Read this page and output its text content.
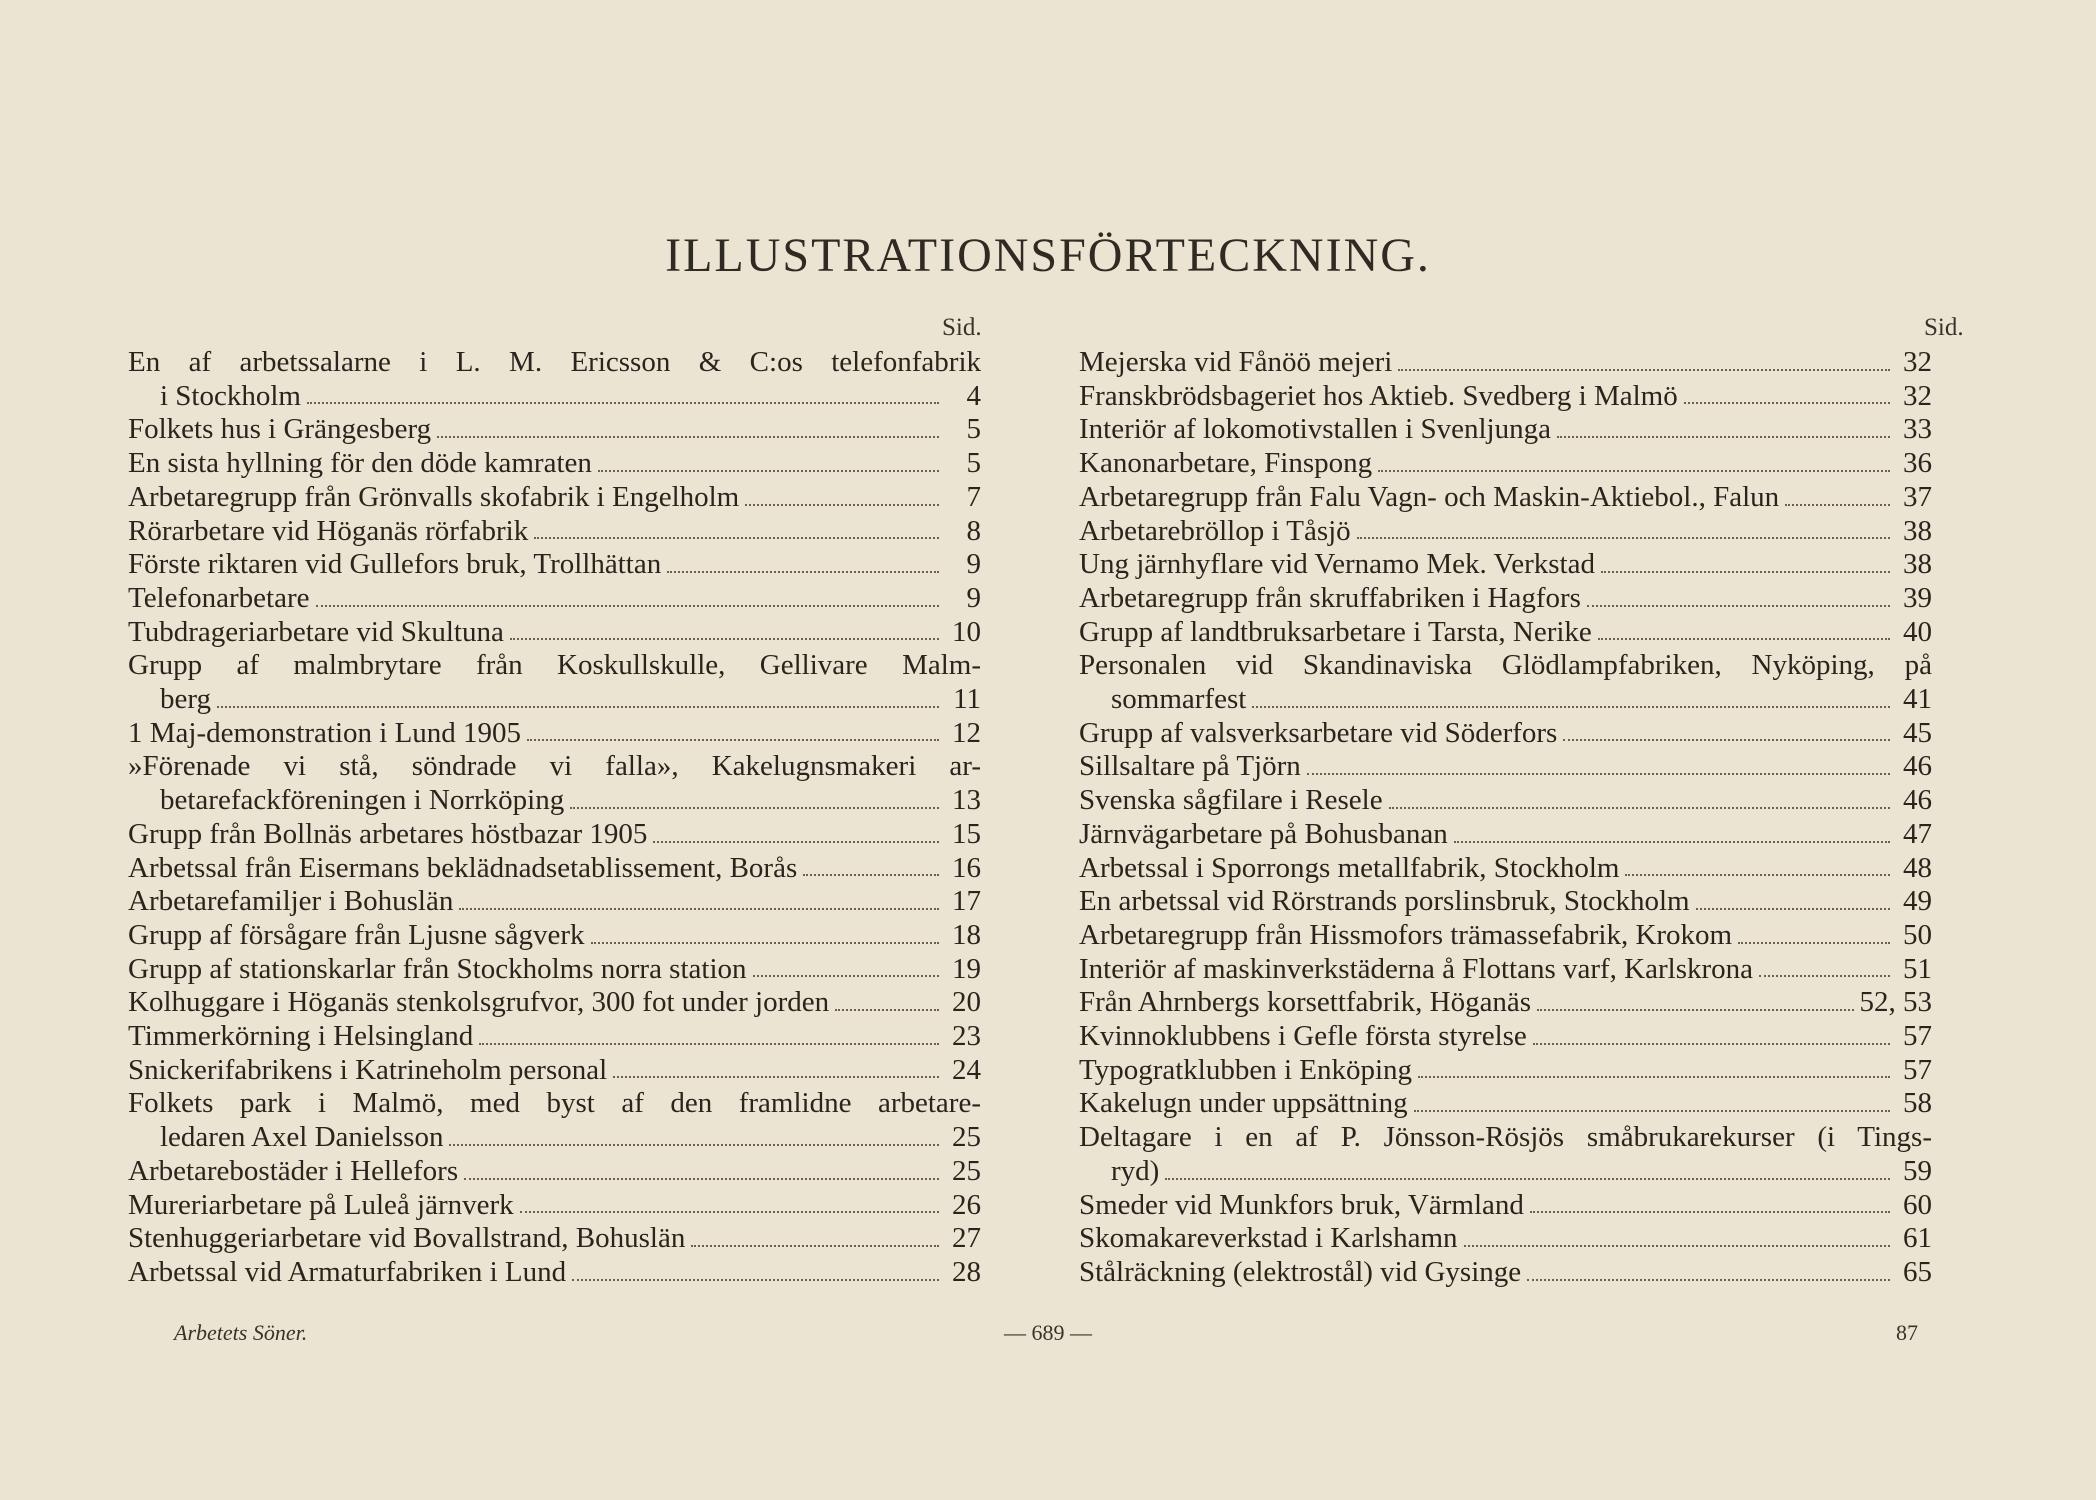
ILLUSTRATIONSFÖRTECKNING.
Sid.	Sid.
En af arbetssalarne i L. M. Ericsson & C:os telefonfabrik
i Stockholm	4
Folkets hus i Grängesberg	5
En sista hyllning för den döde kamraten	5
Arbetaregrupp från Grönvalls skofabrik i Engelholm	7
Rörarbetare vid Höganäs rörfabrik	8
Förste riktaren vid Gullefors bruk, Trollhättan	9
Telefonarbetare	9
Tubdrageriarbetare vid Skultuna	10
Grupp af malmbrytare från Koskullskulle, Gellivare Malm-
berg	11
1 Maj-demonstration i Lund 1905	12
»Förenade vi stå, söndrade vi falla», Kakelugnsmakeri ar-
betarefackföreningen i Norrköping	13
Grupp från Bollnäs arbetares höstbazar 1905	15
Arbetssal från Eisermans beklädnadsetablissement, Borås	16
Arbetarefamiljer i Bohuslän	17
Grupp af försågare från Ljusne sågverk	18
Grupp af stationskarlar från Stockholms norra station	19
Kolhuggare i Höganäs stenkolsgrufvor, 300 fot under jorden	20
Timmerkörning i Helsingland	23
Snickerifabrikens i Katrineholm personal	24
Folkets park i Malmö, med byst af den framlidne arbetare-
ledaren Axel Danielsson	25
Arbetarebostäder i Hellefors	25
Mureriarbetare på Luleå järnverk	26
Stenhuggeriarbetare vid Bovallstrand, Bohuslän	27
Arbetssal vid Armaturfabriken i Lund	28
Mejerska vid Fånöö mejeri	32
Franskbrödsbageriet hos Aktieb. Svedberg i Malmö	32
Interiör af lokomotivstallen i Svenljunga	33
Kanonarbetare, Finspong	36
Arbetaregrupp från Falu Vagn- och Maskin-Aktiebol., Falun	37
Arbetarebröllop i Tåsjö	38
Ung järnhyflare vid Vernamo Mek. Verkstad	38
Arbetaregrupp från skruffabriken i Hagfors	39
Grupp af landtbruksarbetare i Tarsta, Nerike	40
Personalen vid Skandinaviska Glödlampfabriken, Nyköping, på
sommarfest	41
Grupp af valsverksarbetare vid Söderfors	45
Sillsaltare på Tjörn	46
Svenska sågfilare i Resele	46
Järnvägarbetare på Bohusbanan	47
Arbetssal i Sporrongs metallfabrik, Stockholm	48
En arbetssal vid Rörstrands porslinsbruk, Stockholm	49
Arbetaregrupp från Hissmofors trämassefabrik, Krokom	50
Interiör af maskinverkstäderna å Flottans varf, Karlskrona	51
Från Ahrnbergs korsettfabrik, Höganäs	52, 53
Kvinnoklubbens i Gefle första styrelse	57
Typogratklubben i Enköping	57
Kakelugn under uppsättning	58
Deltagare i en af P. Jönsson-Rösjös småbrukarekurser (i Tings-
ryd)	59
Smeder vid Munkfors bruk, Värmland	60
Skomakareverkstad i Karlshamn	61
Stålräckning (elektrostål) vid Gysinge	65
Arbetets Söner.	— 689 —	87
